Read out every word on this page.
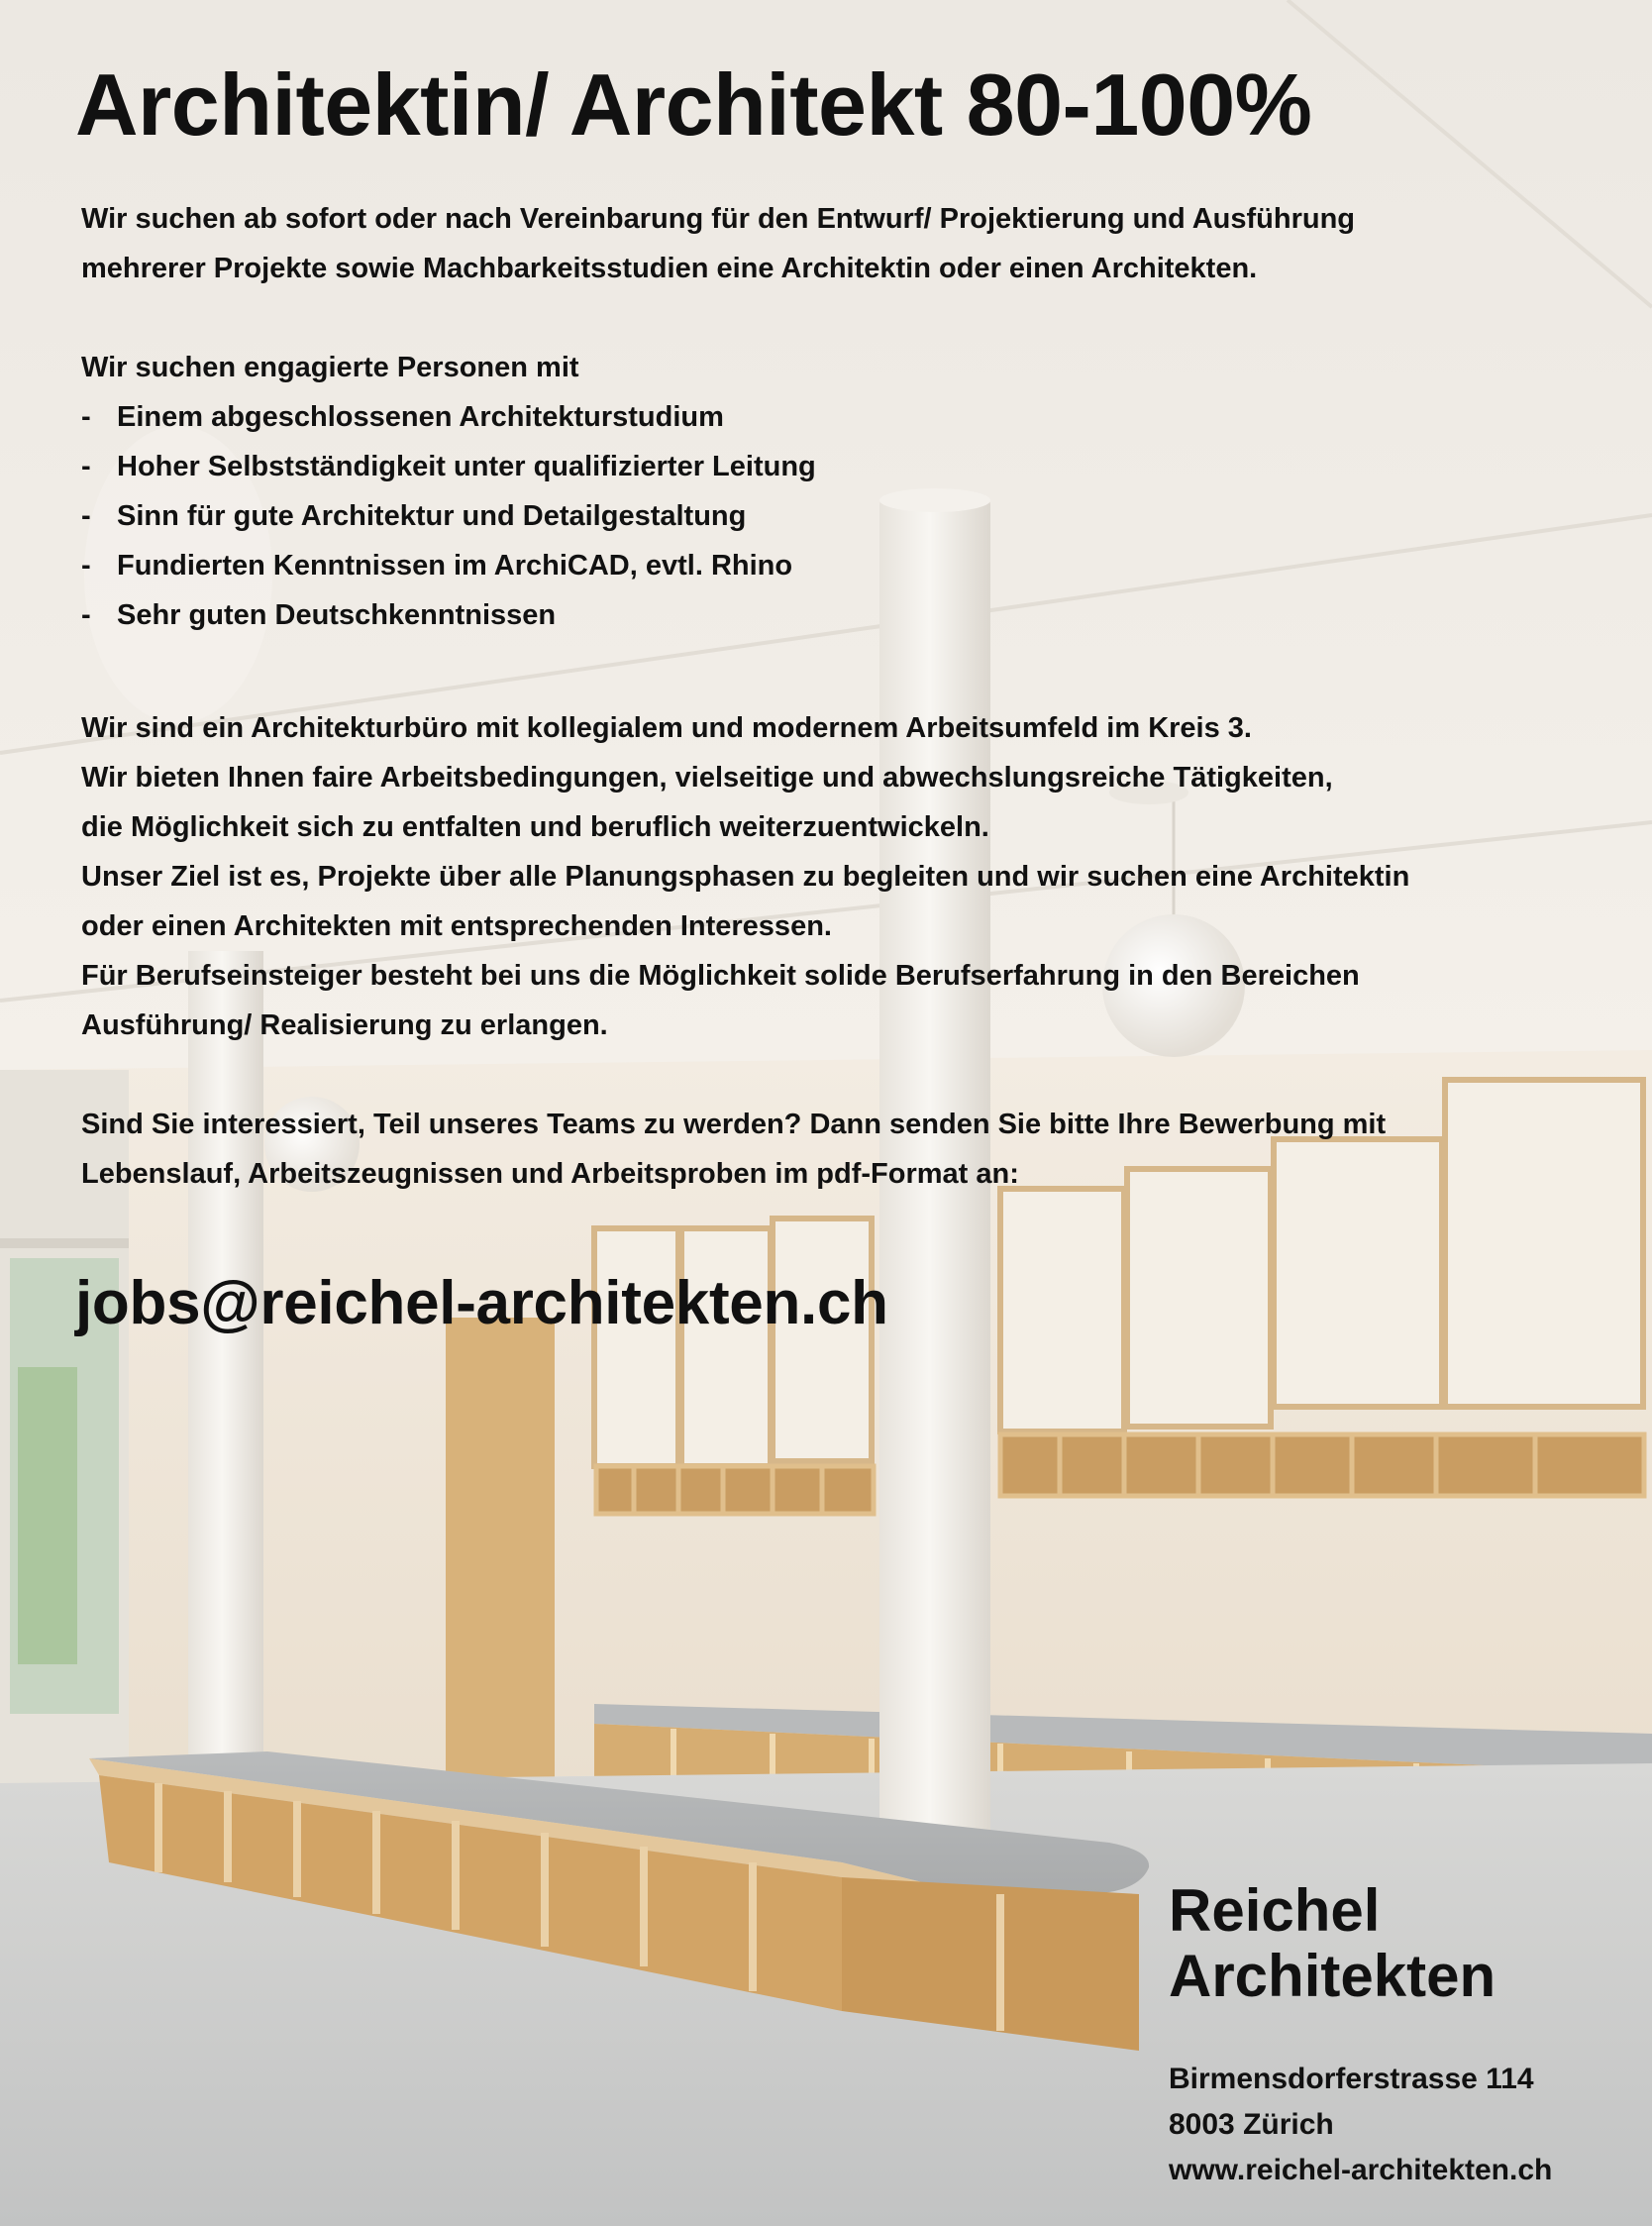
Architektin/ Architekt 80-100%

Wir suchen ab sofort oder nach Vereinbarung für den Entwurf/ Projektierung und Ausführung

mehrerer Projekte sowie Machbarkeitsstudien eine Architektin oder einen Architekten.

Wir suchen engagierte Personen mit

- Einem abgeschlossenen Architekturstudium
- Hoher Selbstständigkeit unter qualifizierter Leitung
- Sinn für gute Architektur und Detailgestaltung
- Fundierten Kenntnissen im ArchiCAD, evtl. Rhino
- Sehr guten Deutschkenntnissen

Wir sind ein Architekturbüro mit kollegialem und modernem Arbeitsumfeld im Kreis 3.

Wir bieten Ihnen faire Arbeitsbedingungen, vielseitige und abwechslungsreiche Tätigkeiten,

die Möglichkeit sich zu entfalten und beruflich weiterzuentwickeln.

Unser Ziel ist es, Projekte über alle Planungsphasen zu begleiten und wir suchen eine Architektin

oder einen Architekten mit entsprechenden Interessen.

Für Berufseinsteiger besteht bei uns die Möglichkeit solide Berufserfahrung in den Bereichen

Ausführung/ Realisierung zu erlangen.

Sind Sie interessiert, Teil unseres Teams zu werden? Dann senden Sie bitte Ihre Bewerbung mit

Lebenslauf, Arbeitszeugnissen und Arbeitsproben im pdf-Format an:

jobs@reichel-architekten.ch
Reichel
Architekten
Birmensdorferstrasse 114
8003 Zürich
www.reichel-architekten.ch
